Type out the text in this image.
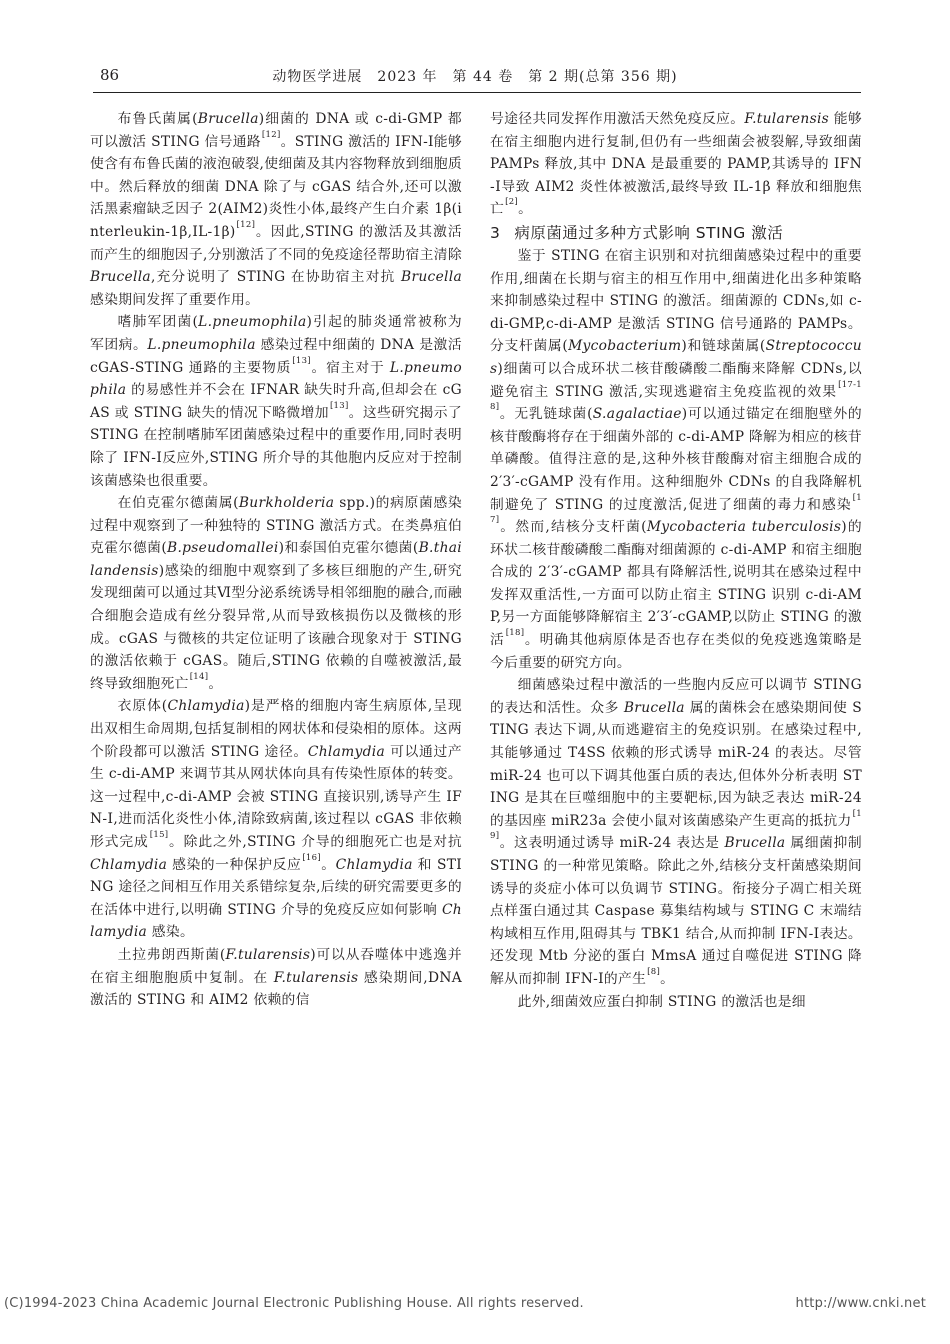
86	动物医学进展　2023 年　第 44 卷　第 2 期(总第 356 期)

布鲁氏菌属(Brucella)细菌的 DNA 或 c-di-GMP 都可以激活 STING 信号通路[12]。STING 激活的 IFN-Ⅰ能够使含有布鲁氏菌的液泡破裂,使细菌及其内容物释放到细胞质中。然后释放的细菌 DNA 除了与 cGAS 结合外,还可以激活黑素瘤缺乏因子 2(AIM2)炎性小体,最终产生白介素 1β(interleukin-1β,IL-1β)[12]。因此,STING 的激活及其激活而产生的细胞因子,分别激活了不同的免疫途径帮助宿主清除 Brucella,充分说明了 STING 在协助宿主对抗 Brucella 感染期间发挥了重要作用。

嗜肺军团菌(L.pneumophila)引起的肺炎通常被称为军团病。L.pneumophila 感染过程中细菌的 DNA 是激活 cGAS-STING 通路的主要物质[13]。宿主对于 L.pneumophila 的易感性并不会在 IFNAR 缺失时升高,但却会在 cGAS 或 STING 缺失的情况下略微增加[13]。这些研究揭示了 STING 在控制嗜肺军团菌感染过程中的重要作用,同时表明除了 IFN-Ⅰ反应外,STING 所介导的其他胞内反应对于控制该菌感染也很重要。

在伯克霍尔德菌属(Burkholderia spp.)的病原菌感染过程中观察到了一种独特的 STING 激活方式。在类鼻疽伯克霍尔德菌(B.pseudomallei)和泰国伯克霍尔德菌(B.thailandensis)感染的细胞中观察到了多核巨细胞的产生,研究发现细菌可以通过其Ⅵ型分泌系统诱导相邻细胞的融合,而融合细胞会造成有丝分裂异常,从而导致核损伤以及微核的形成。cGAS 与微核的共定位证明了该融合现象对于 STING 的激活依赖于 cGAS。随后,STING 依赖的自噬被激活,最终导致细胞死亡[14]。

衣原体(Chlamydia)是严格的细胞内寄生病原体,呈现出双相生命周期,包括复制相的网状体和侵染相的原体。这两个阶段都可以激活 STING 途径。Chlamydia 可以通过产生 c-di-AMP 来调节其从网状体向具有传染性原体的转变。这一过程中,c-di-AMP 会被 STING 直接识别,诱导产生 IFN-Ⅰ,进而活化炎性小体,清除致病菌,该过程以 cGAS 非依赖形式完成[15]。除此之外,STING 介导的细胞死亡也是对抗 Chlamydia 感染的一种保护反应[16]。Chlamydia 和 STING 途径之间相互作用关系错综复杂,后续的研究需要更多的在活体中进行,以明确 STING 介导的免疫反应如何影响 Chlamydia 感染。

土拉弗朗西斯菌(F.tularensis)可以从吞噬体中逃逸并在宿主细胞胞质中复制。在 F.tularensis 感染期间,DNA 激活的 STING 和 AIM2 依赖的信

号途径共同发挥作用激活天然免疫反应。F.tularensis 能够在宿主细胞内进行复制,但仍有一些细菌会被裂解,导致细菌 PAMPs 释放,其中 DNA 是最重要的 PAMP,其诱导的 IFN-Ⅰ导致 AIM2 炎性体被激活,最终导致 IL-1β 释放和细胞焦亡[2]。

3 病原菌通过多种方式影响 STING 激活

鉴于 STING 在宿主识别和对抗细菌感染过程中的重要作用,细菌在长期与宿主的相互作用中,细菌进化出多种策略来抑制感染过程中 STING 的激活。细菌源的 CDNs,如 c-di-GMP,c-di-AMP 是激活 STING 信号通路的 PAMPs。分支杆菌属(Mycobacterium)和链球菌属(Streptococcus)细菌可以合成环状二核苷酸磷酸二酯酶来降解 CDNs,以避免宿主 STING 激活,实现逃避宿主免疫监视的效果[17-18]。无乳链球菌(S.agalactiae)可以通过锚定在细胞壁外的核苷酸酶将存在于细菌外部的 c-di-AMP 降解为相应的核苷单磷酸。值得注意的是,这种外核苷酸酶对宿主细胞合成的 2′3′-cGAMP 没有作用。这种细胞外 CDNs 的自我降解机制避免了 STING 的过度激活,促进了细菌的毒力和感染[17]。然而,结核分支杆菌(Mycobacteria tuberculosis)的环状二核苷酸磷酸二酯酶对细菌源的 c-di-AMP 和宿主细胞合成的 2′3′-cGAMP 都具有降解活性,说明其在感染过程中发挥双重活性,一方面可以防止宿主 STING 识别 c-di-AMP,另一方面能够降解宿主 2′3′-cGAMP,以防止 STING 的激活[18]。明确其他病原体是否也存在类似的免疫逃逸策略是今后重要的研究方向。

细菌感染过程中激活的一些胞内反应可以调节 STING 的表达和活性。众多 Brucella 属的菌株会在感染期间使 STING 表达下调,从而逃避宿主的免疫识别。在感染过程中,其能够通过 T4SS 依赖的形式诱导 miR-24 的表达。尽管 miR-24 也可以下调其他蛋白质的表达,但体外分析表明 STING 是其在巨噬细胞中的主要靶标,因为缺乏表达 miR-24 的基因座 miR23a 会使小鼠对该菌感染产生更高的抵抗力[19]。这表明通过诱导 miR-24 表达是 Brucella 属细菌抑制 STING 的一种常见策略。除此之外,结核分支杆菌感染期间诱导的炎症小体可以负调节 STING。衔接分子凋亡相关斑点样蛋白通过其 Caspase 募集结构域与 STING C 末端结构域相互作用,阻碍其与 TBK1 结合,从而抑制 IFN-Ⅰ表达。还发现 Mtb 分泌的蛋白 MmsA 通过自噬促进 STING 降解从而抑制 IFN-Ⅰ的产生[8]。

此外,细菌效应蛋白抑制 STING 的激活也是细

(C)1994-2023 China Academic Journal Electronic Publishing House. All rights reserved.	http://www.cnki.net
